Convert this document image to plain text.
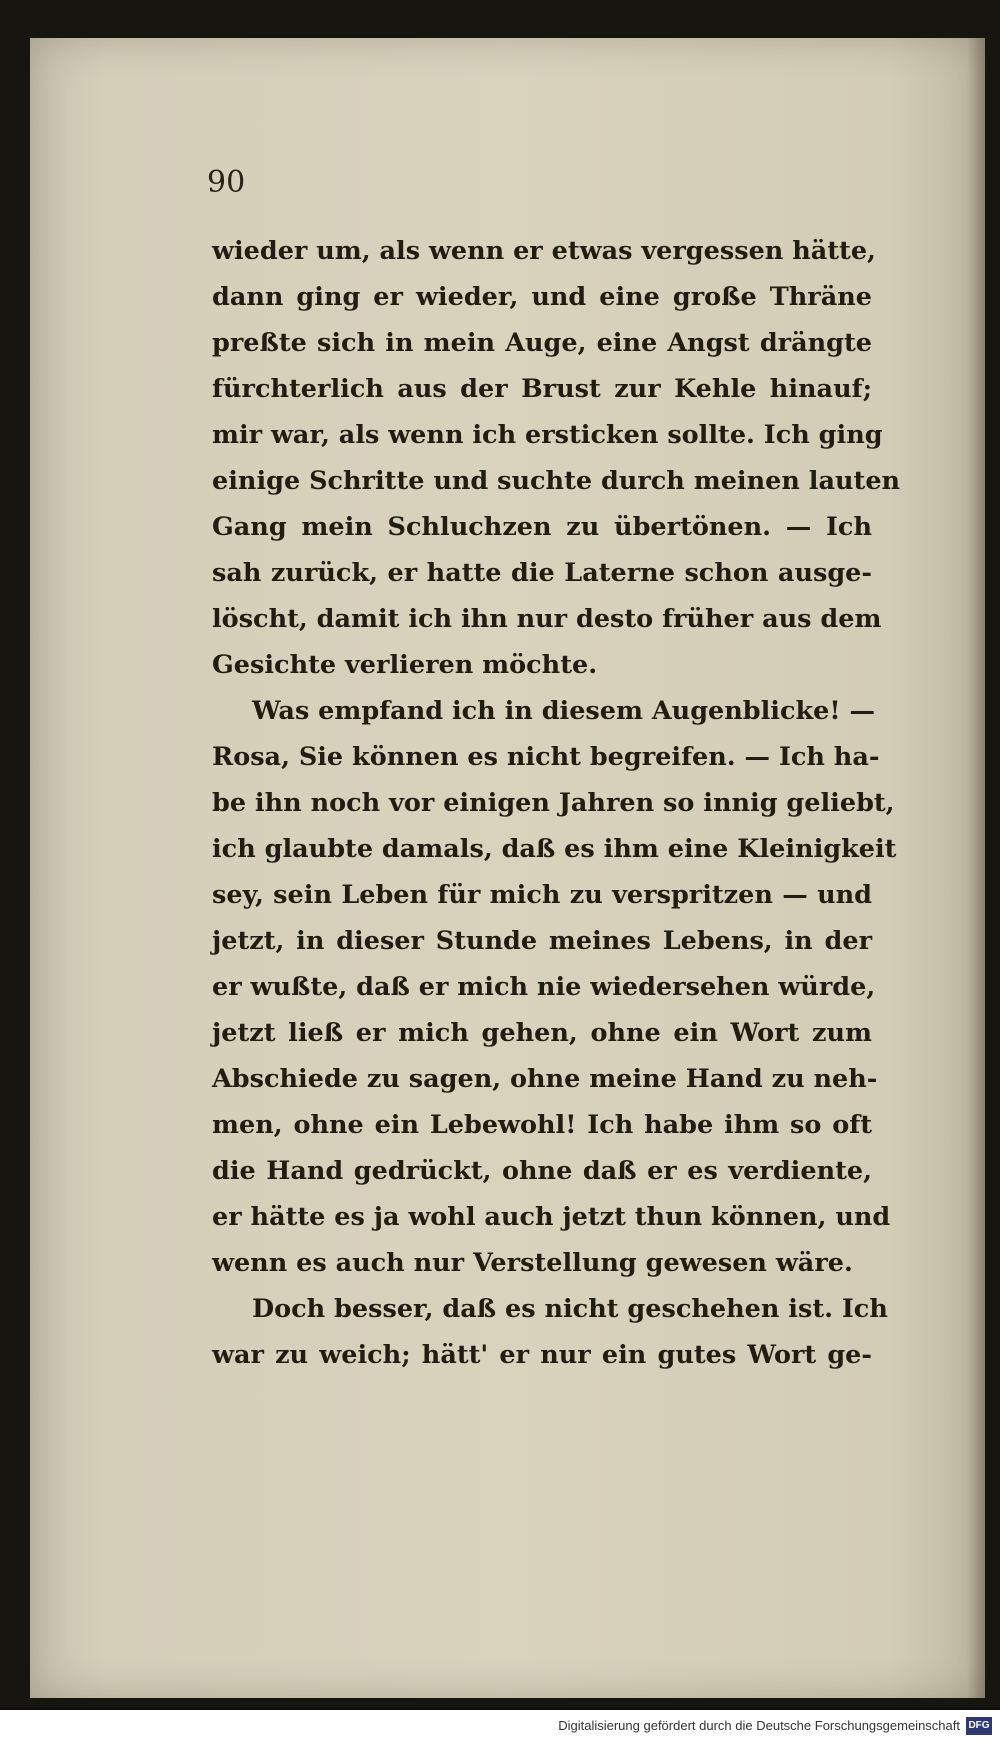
90
wieder um, als wenn er etwas vergessen hätte,
dann ging er wieder, und eine große Thräne
preßte sich in mein Auge, eine Angst drängte
fürchterlich aus der Brust zur Kehle hinauf;
mir war, als wenn ich ersticken sollte. Ich ging
einige Schritte und suchte durch meinen lauten
Gang mein Schluchzen zu übertönen. — Ich
sah zurück, er hatte die Laterne schon ausge-
löscht, damit ich ihn nur desto früher aus dem
Gesichte verlieren möchte.
Was empfand ich in diesem Augenblicke! —
Rosa, Sie können es nicht begreifen. — Ich ha-
be ihn noch vor einigen Jahren so innig geliebt,
ich glaubte damals, daß es ihm eine Kleinigkeit
sey, sein Leben für mich zu verspritzen — und
jetzt, in dieser Stunde meines Lebens, in der
er wußte, daß er mich nie wiedersehen würde,
jetzt ließ er mich gehen, ohne ein Wort zum
Abschiede zu sagen, ohne meine Hand zu neh-
men, ohne ein Lebewohl! Ich habe ihm so oft
die Hand gedrückt, ohne daß er es verdiente,
er hätte es ja wohl auch jetzt thun können, und
wenn es auch nur Verstellung gewesen wäre.
Doch besser, daß es nicht geschehen ist. Ich
war zu weich; hätt' er nur ein gutes Wort ge-
Digitalisierung gefördert durch die Deutsche Forschungsgemeinschaft DFG
